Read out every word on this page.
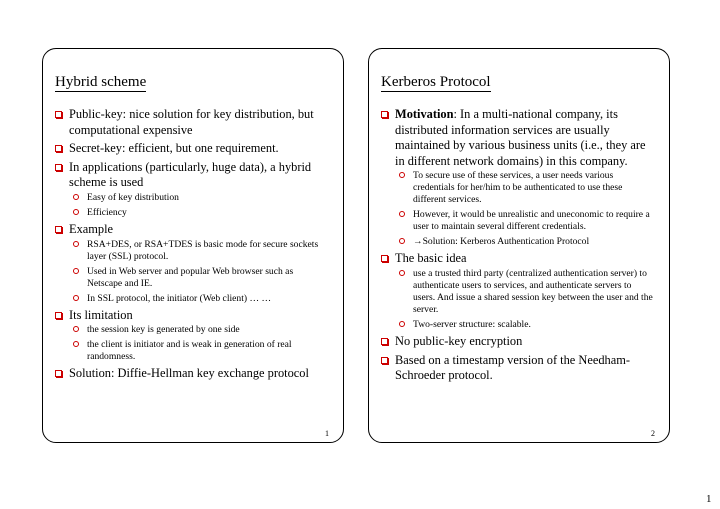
Hybrid scheme
Public-key: nice solution for key distribution, but computational expensive
Secret-key: efficient, but one requirement.
In applications (particularly, huge data), a hybrid scheme is used
Easy of key distribution
Efficiency
Example
RSA+DES, or RSA+TDES is basic mode for secure sockets layer (SSL) protocol.
Used in Web server and popular Web browser such as Netscape and IE.
In SSL protocol, the initiator (Web client) … …
Its limitation
the session key is generated by one side
the client is initiator and is weak in generation of real randomness.
Solution: Diffie-Hellman key exchange protocol
1
Kerberos Protocol
Motivation: In a multi-national company, its distributed information services are usually maintained by various business units (i.e., they are in different network domains) in this company.
To secure use of these services, a user needs various credentials for her/him to be authenticated to use these different services.
However, it would be unrealistic and uneconomic to require a user to maintain several different credentials.
→Solution: Kerberos Authentication Protocol
The basic idea
use a trusted third party (centralized authentication server) to authenticate users to services, and authenticate servers to users. And issue a shared session key between the user and the server.
Two-server structure: scalable.
No public-key encryption
Based on a timestamp version of the Needham-Schroeder protocol.
2
1
